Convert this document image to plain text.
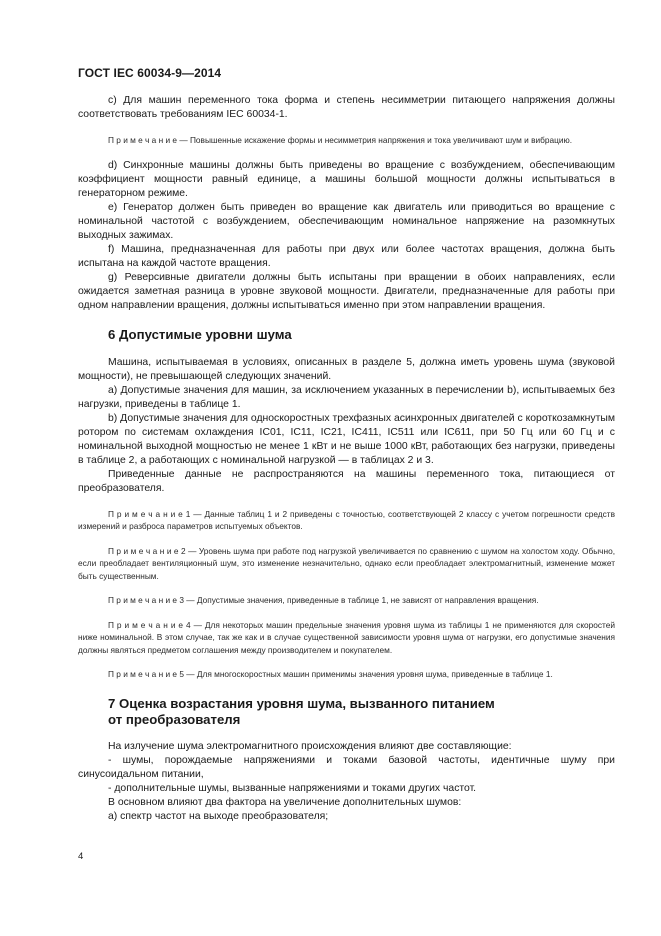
ГОСТ IEC 60034-9—2014

c) Для машин переменного тока форма и степень несимметрии питающего напряжения должны соответствовать требованиям IEC 60034-1.

П р и м е ч а н и е — Повышенные искажение формы и несимметрия напряжения и тока увеличивают шум и вибрацию.

d) Синхронные машины должны быть приведены во вращение с возбуждением, обеспечивающим коэффициент мощности равный единице, а машины большой мощности должны испытываться в генераторном режиме.

e) Генератор должен быть приведен во вращение как двигатель или приводиться во вращение с номинальной частотой с возбуждением, обеспечивающим номинальное напряжение на разомкнутых выходных зажимах.

f) Машина, предназначенная для работы при двух или более частотах вращения, должна быть испытана на каждой частоте вращения.

g) Реверсивные двигатели должны быть испытаны при вращении в обоих направлениях, если ожидается заметная разница в уровне звуковой мощности. Двигатели, предназначенные для работы при одном направлении вращения, должны испытываться именно при этом направлении вращения.

6 Допустимые уровни шума

Машина, испытываемая в условиях, описанных в разделе 5, должна иметь уровень шума (звуковой мощности), не превышающей следующих значений.

a) Допустимые значения для машин, за исключением указанных в перечислении b), испытываемых без нагрузки, приведены в таблице 1.

b) Допустимые значения для односкоростных трехфазных асинхронных двигателей с короткозамкнутым ротором по системам охлаждения IC01, IC11, IC21, IC411, IC511 или IC611, при 50 Гц или 60 Гц и с номинальной выходной мощностью не менее 1 кВт и не выше 1000 кВт, работающих без нагрузки, приведены в таблице 2, а работающих с номинальной нагрузкой — в таблицах 2 и 3.

Приведенные данные не распространяются на машины переменного тока, питающиеся от преобразователя.

П р и м е ч а н и е 1 — Данные таблиц 1 и 2 приведены с точностью, соответствующей 2 классу с учетом погрешности средств измерений и разброса параметров испытуемых объектов.

П р и м е ч а н и е 2 — Уровень шума при работе под нагрузкой увеличивается по сравнению с шумом на холостом ходу. Обычно, если преобладает вентиляционный шум, это изменение незначительно, однако если преобладает электромагнитный, изменение может быть существенным.

П р и м е ч а н и е 3 — Допустимые значения, приведенные в таблице 1, не зависят от направления вращения.

П р и м е ч а н и е 4 — Для некоторых машин предельные значения уровня шума из таблицы 1 не применяются для скоростей ниже номинальной. В этом случае, так же как и в случае существенной зависимости уровня шума от нагрузки, его допустимые значения должны являться предметом соглашения между производителем и покупателем.

П р и м е ч а н и е 5 — Для многоскоростных машин применимы значения уровня шума, приведенные в таблице 1.

7 Оценка возрастания уровня шума, вызванного питанием
от преобразователя

На излучение шума электромагнитного происхождения влияют две составляющие:

- шумы, порождаемые напряжениями и токами базовой частоты, идентичные шуму при синусоидальном питании,

- дополнительные шумы, вызванные напряжениями и токами других частот.

В основном влияют два фактора на увеличение дополнительных шумов:

a) спектр частот на выходе преобразователя;

4
